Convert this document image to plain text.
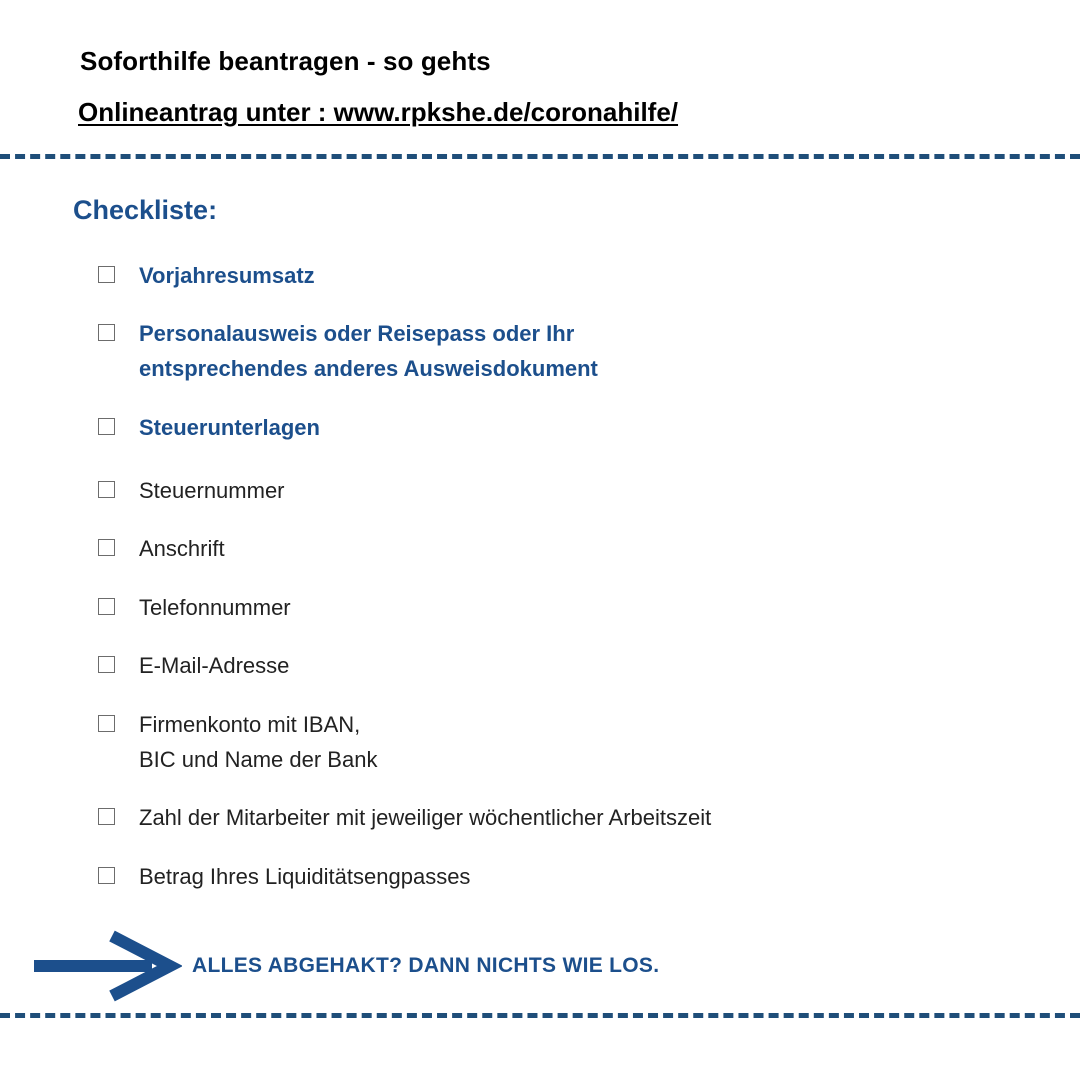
Soforthilfe beantragen - so gehts
Onlineantrag unter : www.rpkshe.de/coronahilfe/
Checkliste:
Vorjahresumsatz
Personalausweis oder Reisepass oder Ihr
entsprechendes anderes Ausweisdokument
Steuerunterlagen
Steuernummer
Anschrift
Telefonnummer
E-Mail-Adresse
Firmenkonto mit IBAN,
BIC und Name der Bank
Zahl der Mitarbeiter mit jeweiliger wöchentlicher Arbeitszeit
Betrag Ihres Liquiditätsengpasses
ALLES ABGEHAKT? DANN NICHTS WIE LOS.
